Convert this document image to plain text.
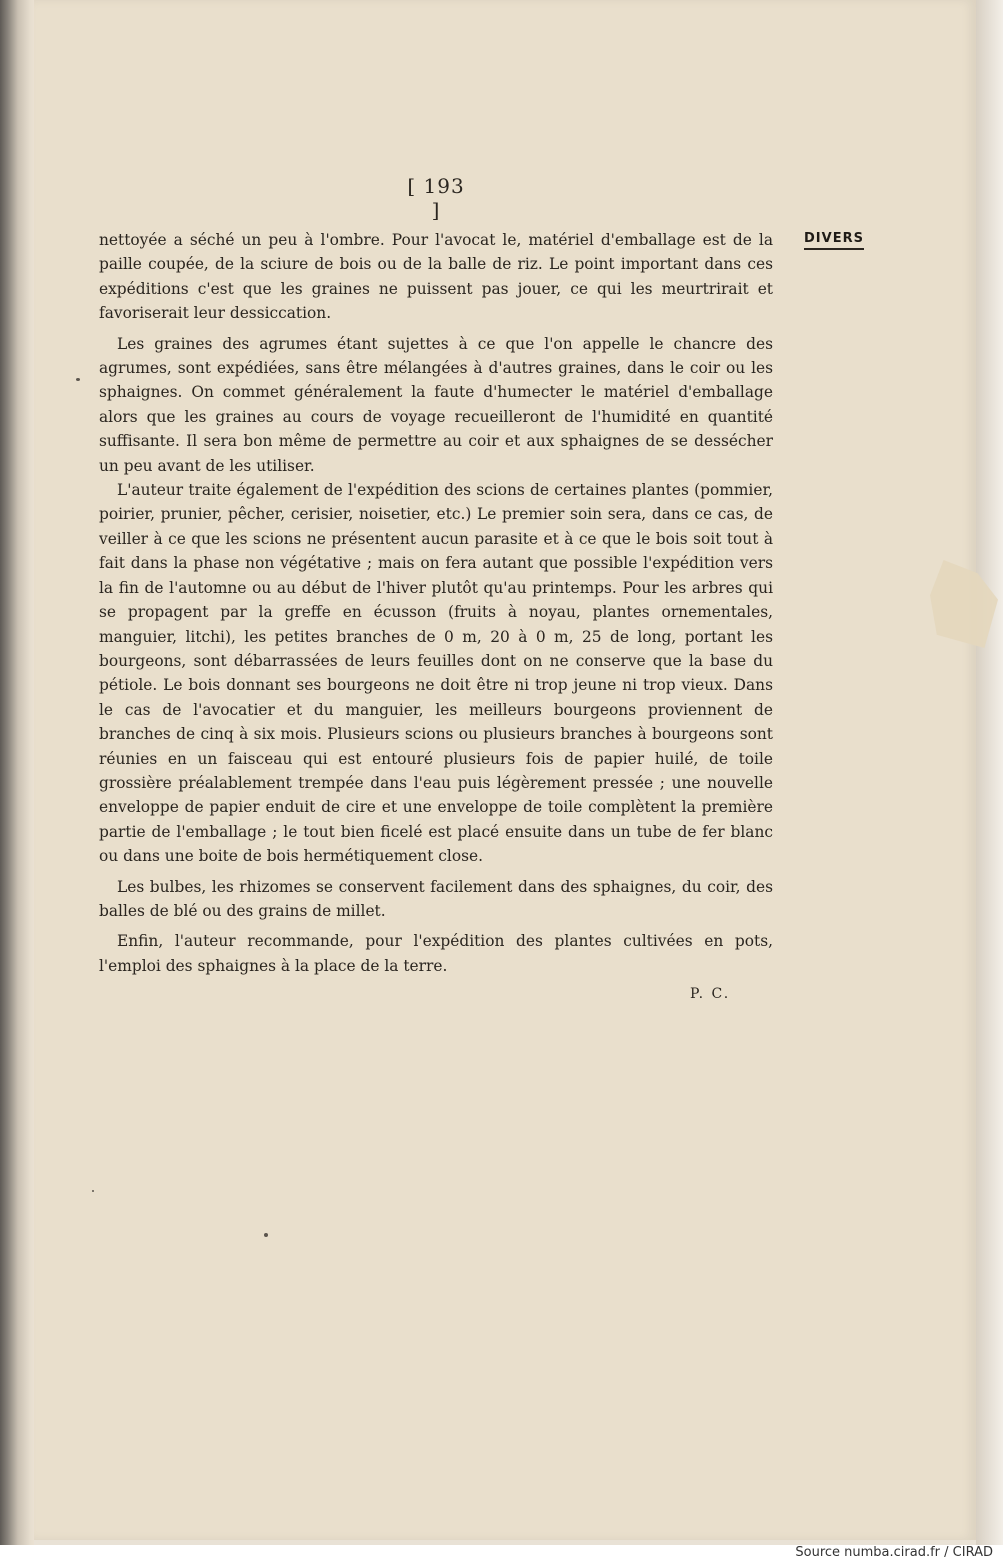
[ 193 ]
DIVERS

nettoyée a séché un peu à l'ombre. Pour l'avocat le, matériel d'emballage est de la paille coupée, de la sciure de bois ou de la balle de riz. Le point important dans ces expéditions c'est que les graines ne puissent pas jouer, ce qui les meurtrirait et favoriserait leur dessiccation.

Les graines des agrumes étant sujettes à ce que l'on appelle le chancre des agrumes, sont expédiées, sans être mélangées à d'autres graines, dans le coir ou les sphaignes. On commet généralement la faute d'humecter le matériel d'emballage alors que les graines au cours de voyage recueilleront de l'humidité en quantité suffisante. Il sera bon même de permettre au coir et aux sphaignes de se dessécher un peu avant de les utiliser.

L'auteur traite également de l'expédition des scions de certaines plantes (pommier, poirier, prunier, pêcher, cerisier, noisetier, etc.) Le premier soin sera, dans ce cas, de veiller à ce que les scions ne présentent aucun parasite et à ce que le bois soit tout à fait dans la phase non végétative ; mais on fera autant que possible l'expédition vers la fin de l'automne ou au début de l'hiver plutôt qu'au printemps. Pour les arbres qui se propagent par la greffe en écusson (fruits à noyau, plantes ornementales, manguier, litchi), les petites branches de 0 m, 20 à 0 m, 25 de long, portant les bourgeons, sont débarrassées de leurs feuilles dont on ne conserve que la base du pétiole. Le bois donnant ses bourgeons ne doit être ni trop jeune ni trop vieux. Dans le cas de l'avocatier et du manguier, les meilleurs bourgeons proviennent de branches de cinq à six mois. Plusieurs scions ou plusieurs branches à bourgeons sont réunies en un faisceau qui est entouré plusieurs fois de papier huilé, de toile grossière préalablement trempée dans l'eau puis légèrement pressée ; une nouvelle enveloppe de papier enduit de cire et une enveloppe de toile complètent la première partie de l'emballage ; le tout bien ficelé est placé ensuite dans un tube de fer blanc ou dans une boite de bois hermétiquement close.

Les bulbes, les rhizomes se conservent facilement dans des sphaignes, du coir, des balles de blé ou des grains de millet.

Enfin, l'auteur recommande, pour l'expédition des plantes cultivées en pots, l'emploi des sphaignes à la place de la terre.

P. C.
Source numba.cirad.fr / CIRAD
